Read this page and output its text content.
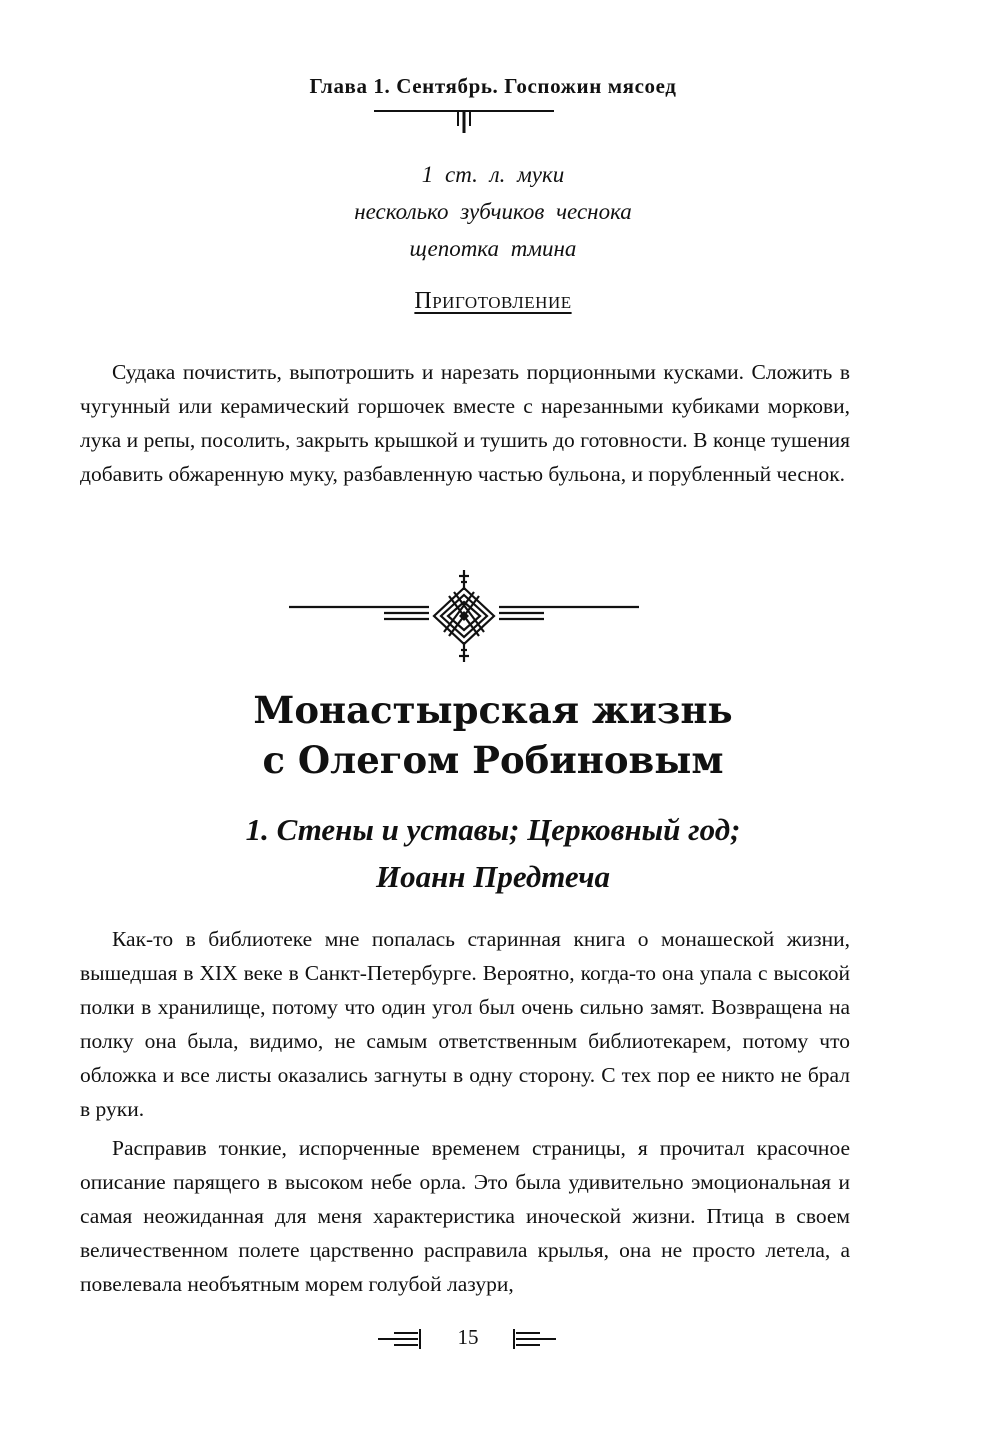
Глава 1. Сентябрь. Госпожин мясоед
1 ст. л. муки
несколько зубчиков чеснока
щепотка тмина
Приготовление

Судака почистить, выпотрошить и нарезать порционными кусками. Сложить в чугунный или керамический горшочек вместе с нарезанными кубиками моркови, лука и репы, посолить, закрыть крышкой и тушить до готовности. В конце тушения добавить обжаренную муку, разбавленную частью бульона, и порубленный чеснок.

Монастырская жизнь
с Олегом Робиновым
1. Стены и уставы; Церковный год;
Иоанн Предтеча

Как-то в библиотеке мне попалась старинная книга о монашеской жизни, вышедшая в XIX веке в Санкт-Петербурге. Вероятно, когда-то она упала с высокой полки в хранилище, потому что один угол был очень сильно замят. Возвращена на полку она была, видимо, не самым ответственным библиотекарем, потому что обложка и все листы оказались загнуты в одну сторону. С тех пор ее никто не брал в руки.

Расправив тонкие, испорченные временем страницы, я прочитал красочное описание парящего в высоком небе орла. Это была удивительно эмоциональная и самая неожиданная для меня характеристика иноческой жизни. Птица в своем величественном полете царственно расправила крылья, она не просто летела, а повелевала необъятным морем голубой лазури,

15
